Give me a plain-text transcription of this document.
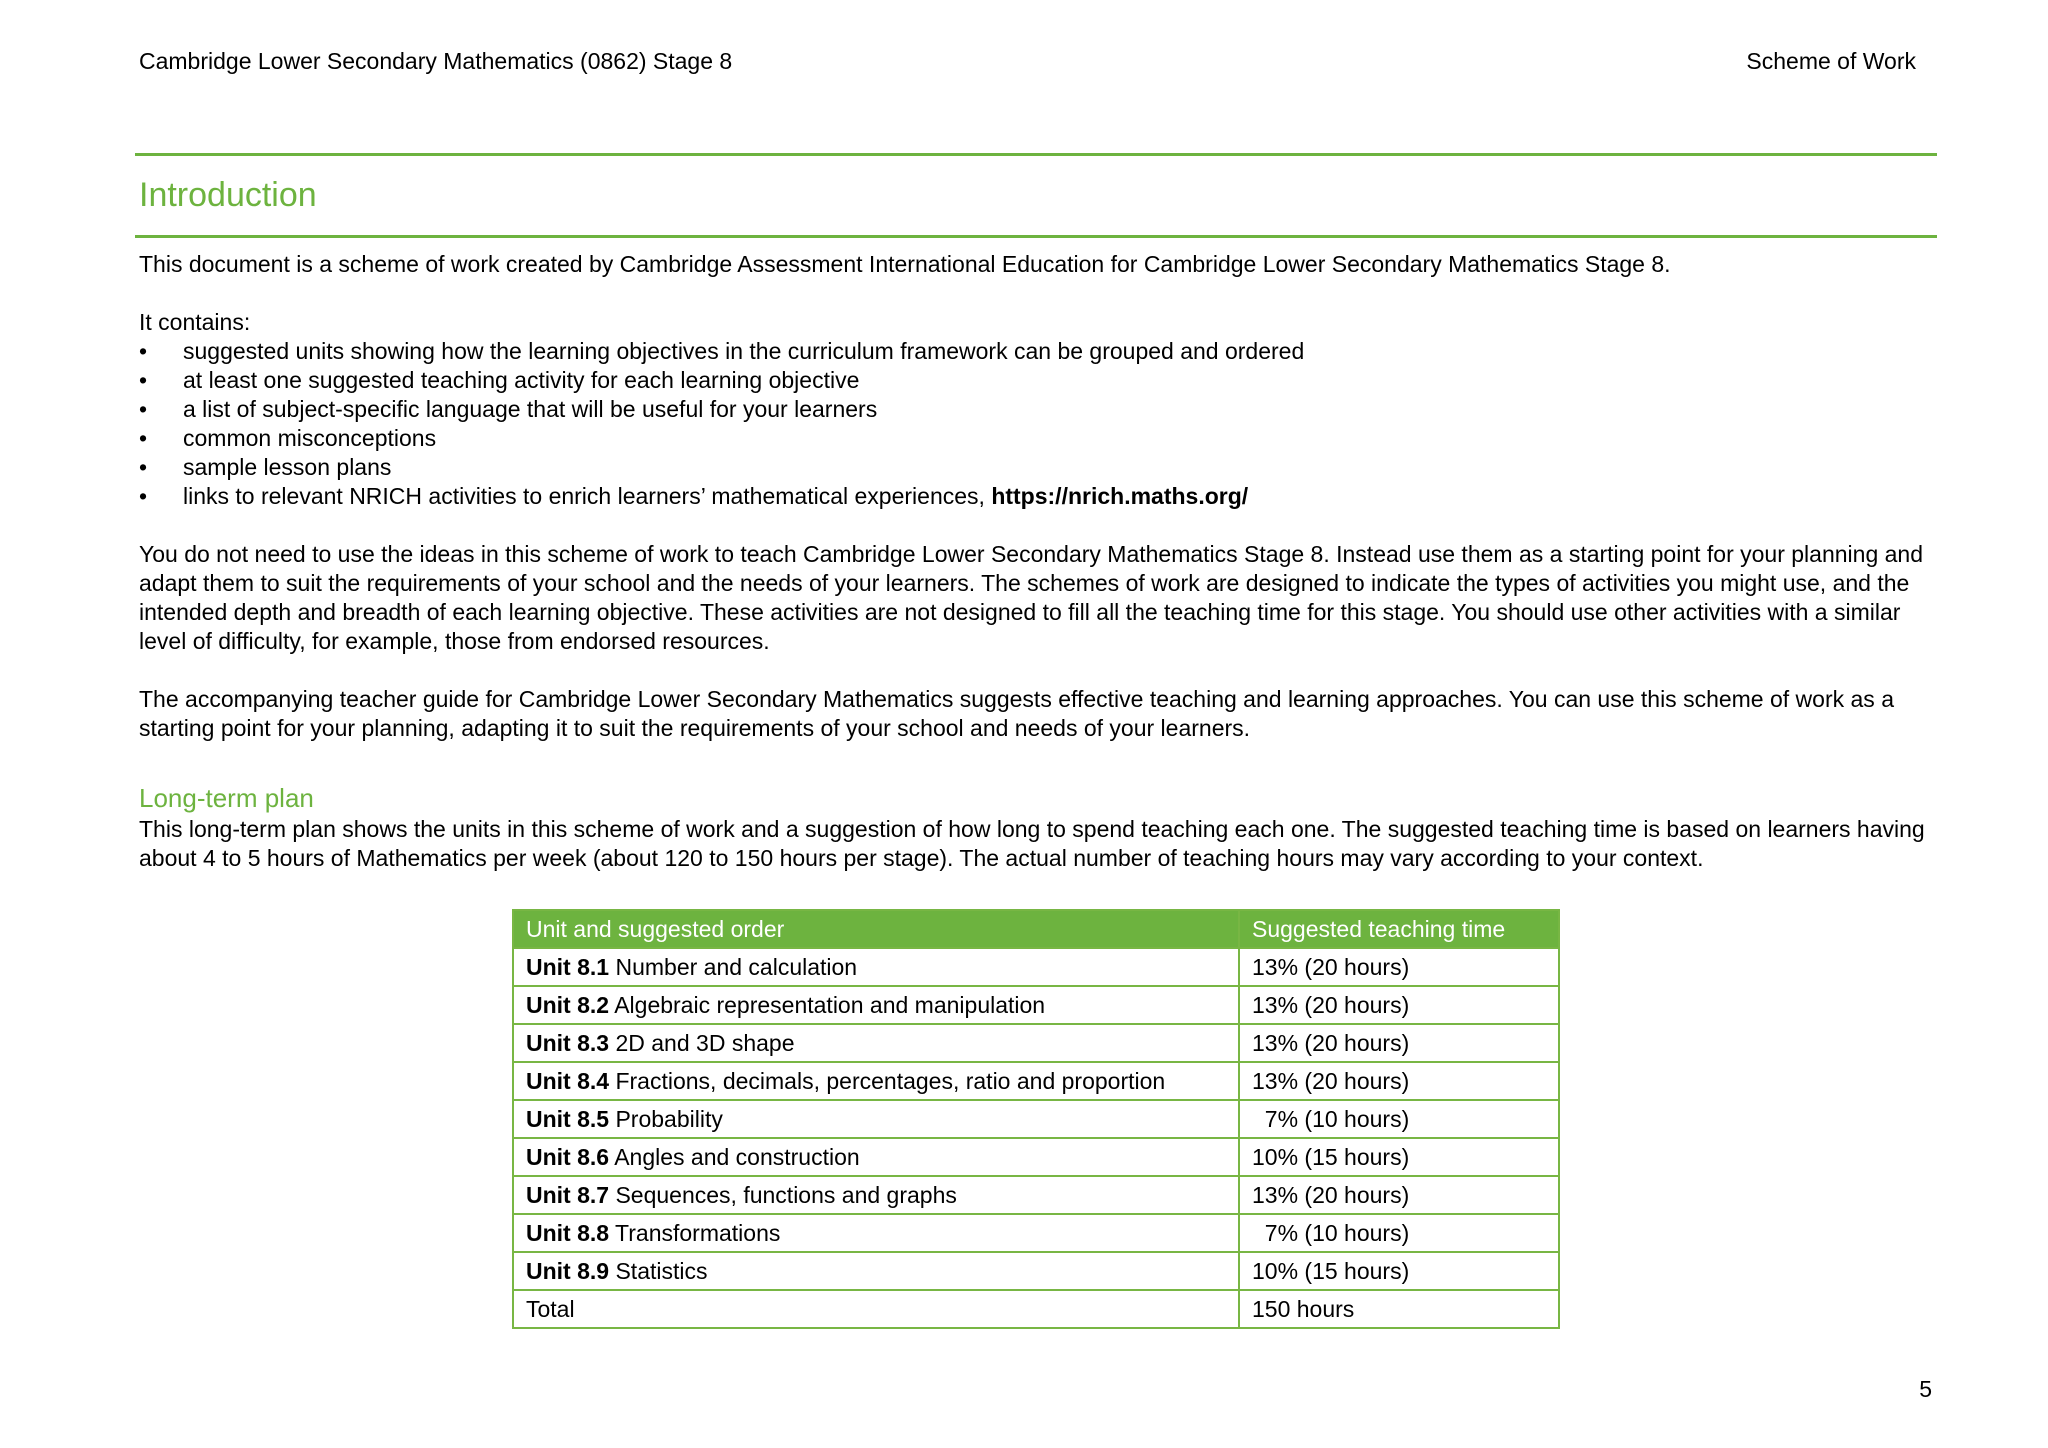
Cambridge Lower Secondary Mathematics (0862) Stage 8	Scheme of Work
Introduction

This document is a scheme of work created by Cambridge Assessment International Education for Cambridge Lower Secondary Mathematics Stage 8.

It contains:

• suggested units showing how the learning objectives in the curriculum framework can be grouped and ordered
• at least one suggested teaching activity for each learning objective
• a list of subject-specific language that will be useful for your learners
• common misconceptions
• sample lesson plans
• links to relevant NRICH activities to enrich learners’ mathematical experiences, https://nrich.maths.org/

You do not need to use the ideas in this scheme of work to teach Cambridge Lower Secondary Mathematics Stage 8. Instead use them as a starting point for your planning and adapt them to suit the requirements of your school and the needs of your learners. The schemes of work are designed to indicate the types of activities you might use, and the intended depth and breadth of each learning objective. These activities are not designed to fill all the teaching time for this stage. You should use other activities with a similar level of difficulty, for example, those from endorsed resources.

The accompanying teacher guide for Cambridge Lower Secondary Mathematics suggests effective teaching and learning approaches. You can use this scheme of work as a starting point for your planning, adapting it to suit the requirements of your school and needs of your learners.

Long-term plan

This long-term plan shows the units in this scheme of work and a suggestion of how long to spend teaching each one. The suggested teaching time is based on learners having about 4 to 5 hours of Mathematics per week (about 120 to 150 hours per stage). The actual number of teaching hours may vary according to your context.

Unit and suggested order	Suggested teaching time
Unit 8.1 Number and calculation	13% (20 hours)
Unit 8.2 Algebraic representation and manipulation	13% (20 hours)
Unit 8.3 2D and 3D shape	13% (20 hours)
Unit 8.4 Fractions, decimals, percentages, ratio and proportion	13% (20 hours)
Unit 8.5 Probability	7% (10 hours)
Unit 8.6 Angles and construction	10% (15 hours)
Unit 8.7 Sequences, functions and graphs	13% (20 hours)
Unit 8.8 Transformations	7% (10 hours)
Unit 8.9 Statistics	10% (15 hours)
Total	150 hours
5
